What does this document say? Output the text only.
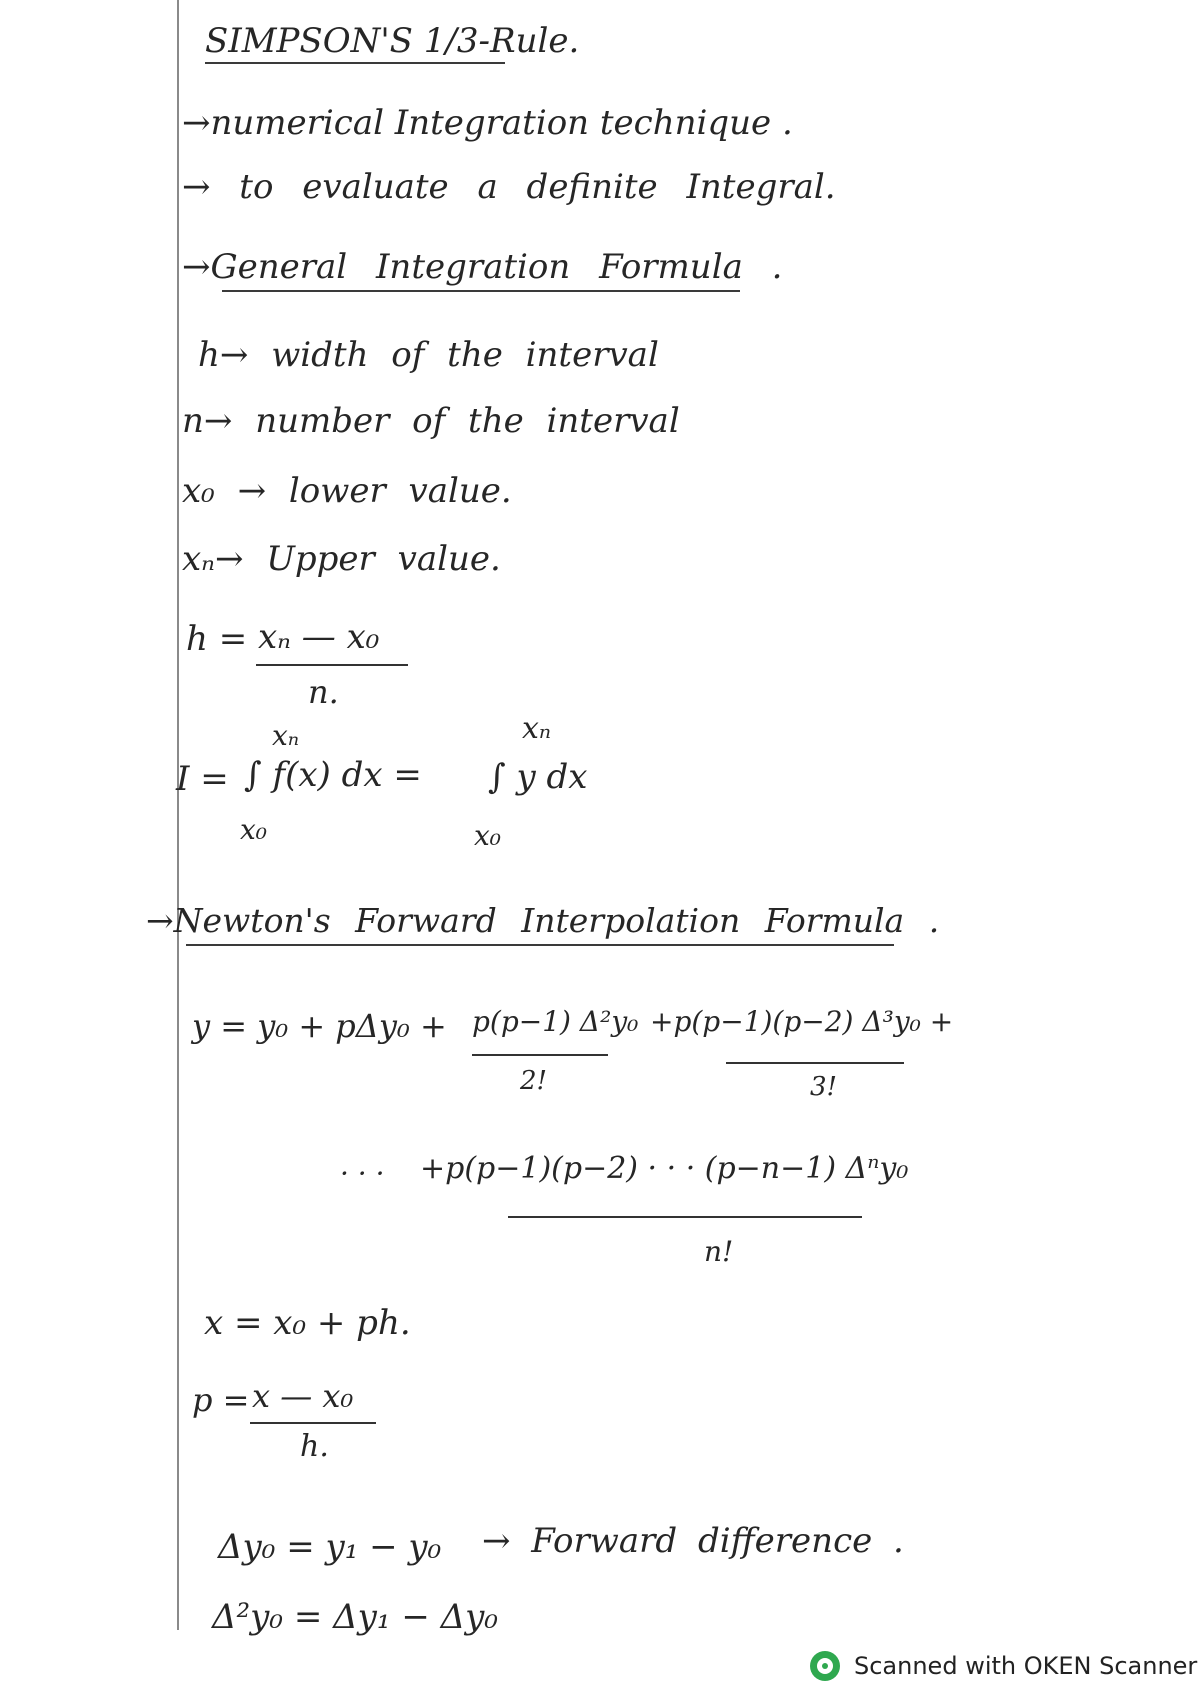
SIMPSON'S 1/3-Rule.
→numerical Integration technique .
→ to evaluate a definite Integral.
→General Integration Formula .
h→ width of the interval
n→ number of the interval
x₀ → lower value.
xₙ→ Upper value.
h = xₙ — x₀
n.
xₙ
I = ∫ f(x) dx =
x₀
xₙ
∫ y dx
x₀
→Newton's Forward Interpolation Formula .
y = y₀ + pΔy₀ + p(p−1) Δ²y₀
2!
+p(p−1)(p−2) Δ³y₀ +
3!
· · · +p(p−1)(p−2) · · · (p−n−1) Δⁿy₀
n!
x = x₀ + ph.
p = x — x₀
h.
Δy₀ = y₁ − y₀ → Forward difference .
Δ²y₀ = Δy₁ − Δy₀
Scanned with OKEN Scanner
